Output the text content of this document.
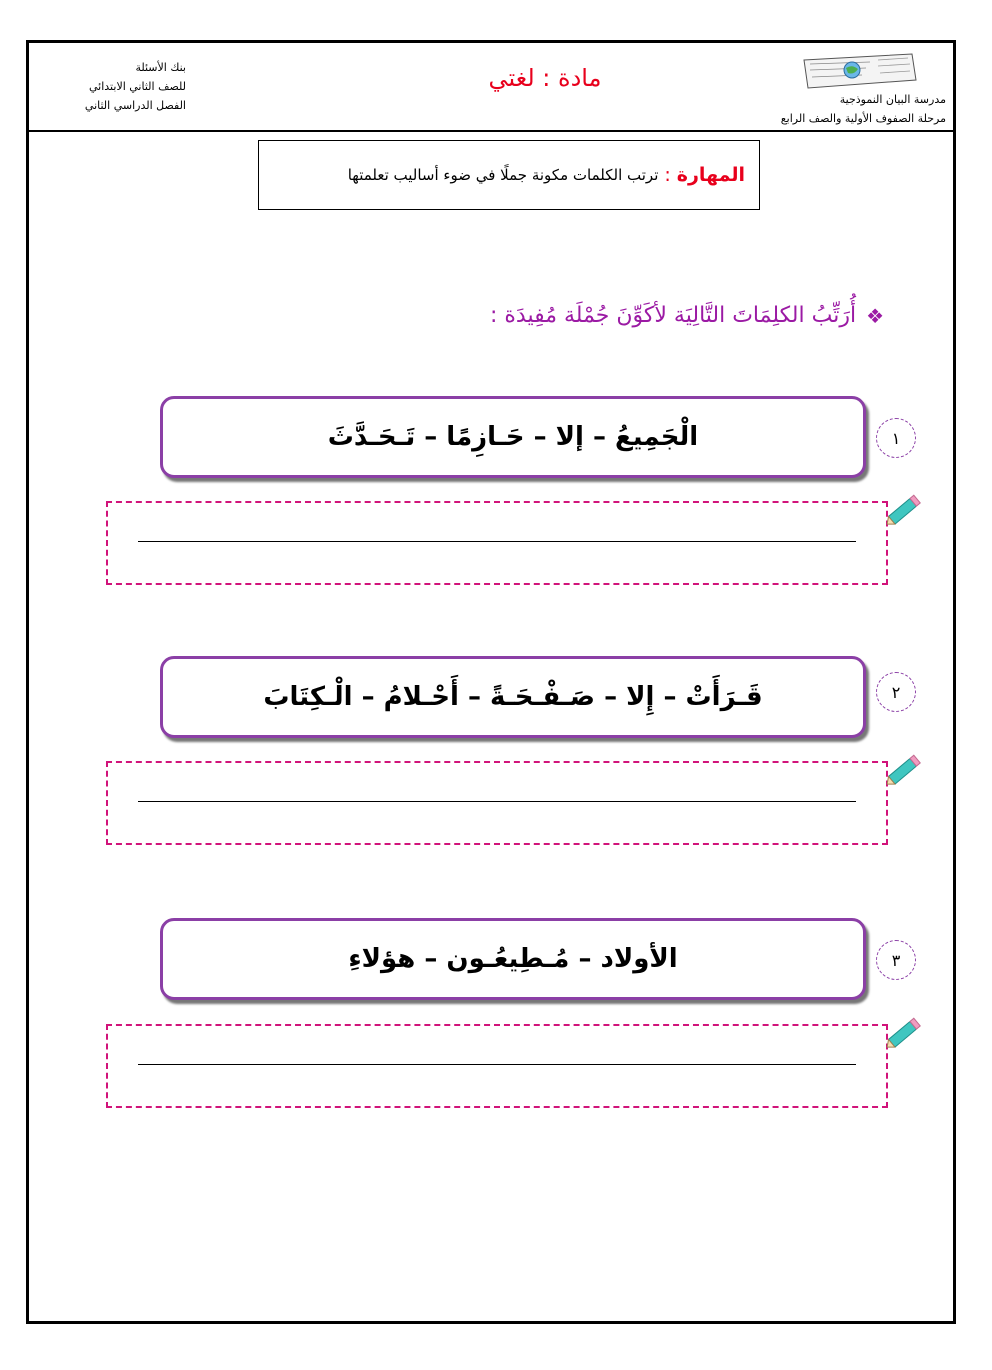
بنك الأسئلة
للصف الثاني الابتدائي
الفصل الدراسي الثاني
مادة : لغتي
مدرسة البيان النموذجية
مرحلة الصفوف الأولية والصف الرابع
المهارة
:
ترتب الكلمات مكونة جملًا في ضوء أساليب تعلمتها
❖
أُرَتِّبُ الكلِمَاتَ التَّالِيَة لأكَوِّنَ جُمْلَة مُفِيدَة :
الْجَمِيعُ – إلا – حَـازِمًا – تَـحَـدَّثَ	١
قَـرَأَتْ – إِلا – صَـفْـحَـةً – أَحْـلامُ – الْـكِتَابَ	٢
الأولاد – مُـطِيعُـون – هؤلاءِ	٣
